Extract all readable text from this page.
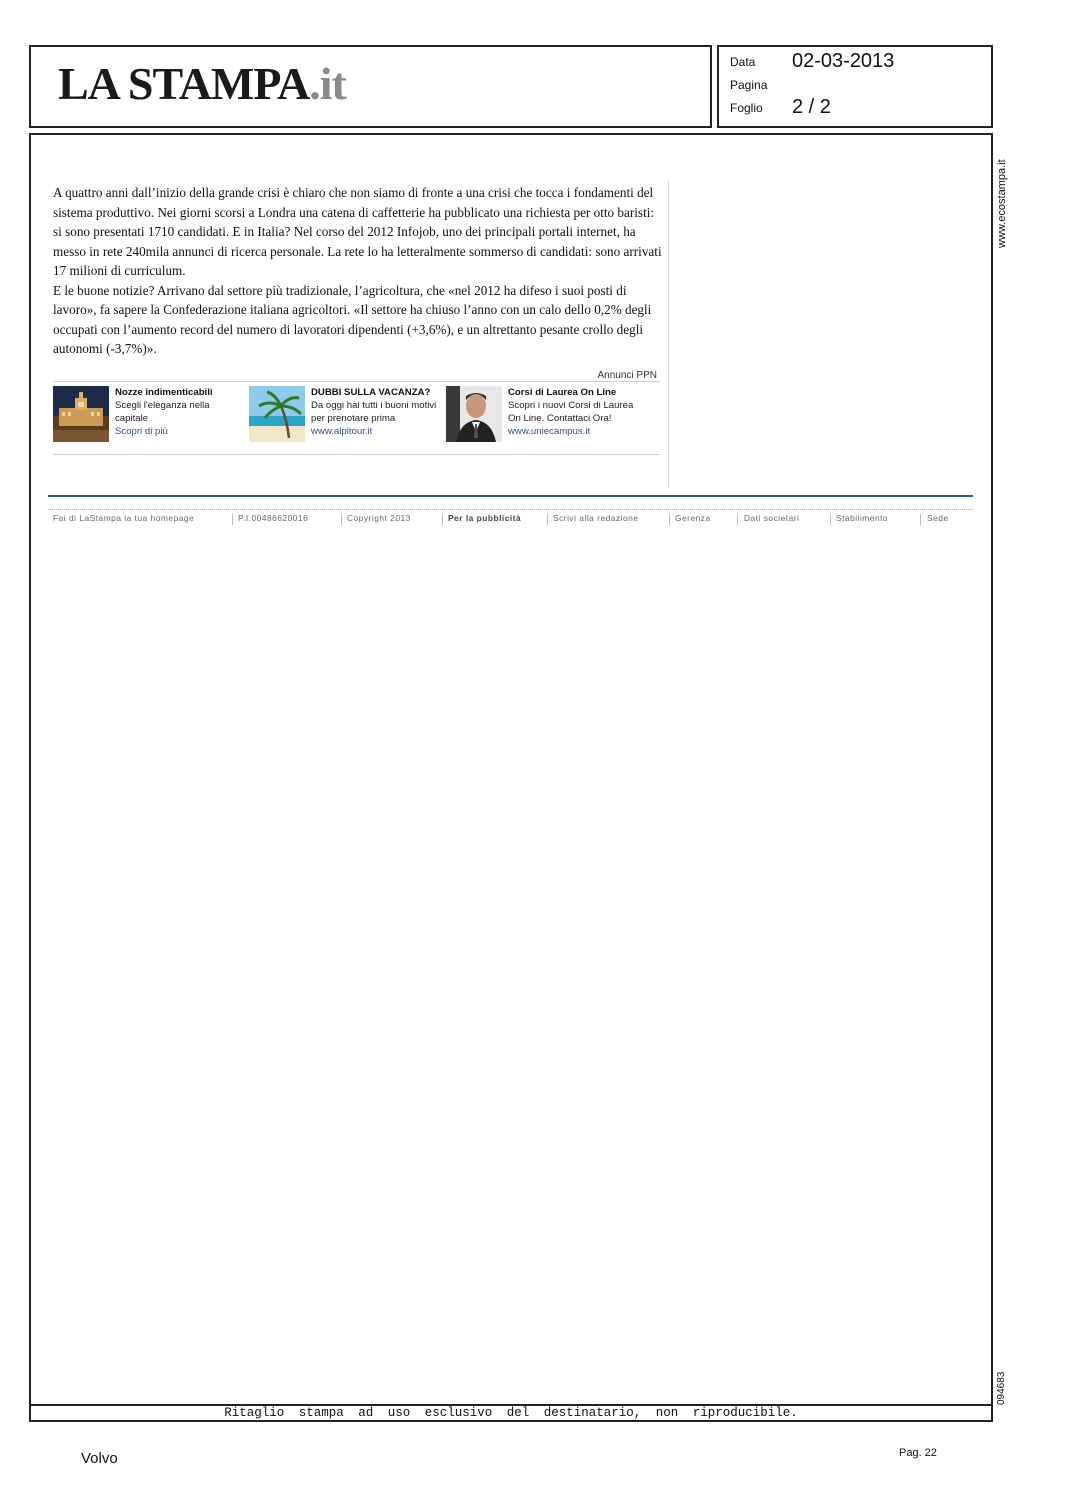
LA STAMPA.it	Data 02-03-2013
Pagina
Foglio 2 / 2
www.ecostampa.it
094683

A quattro anni dall’inizio della grande crisi è chiaro che non siamo di fronte a una crisi che tocca i fondamenti del sistema produttivo. Nei giorni scorsi a Londra una catena di caffetterie ha pubblicato una richiesta per otto baristi: si sono presentati 1710 candidati. E in Italia? Nel corso del 2012 Infojob, uno dei principali portali internet, ha messo in rete 240mila annunci di ricerca personale. La rete lo ha letteralmente sommerso di candidati: sono arrivati 17 milioni di curriculum.

E le buone notizie? Arrivano dal settore più tradizionale, l’agricoltura, che «nel 2012 ha difeso i suoi posti di lavoro», fa sapere la Confederazione italiana agricoltori. «Il settore ha chiuso l’anno con un calo dello 0,2% degli occupati con l’aumento record del numero di lavoratori dipendenti (+3,6%), e un altrettanto pesante crollo degli autonomi (-3,7%)».

Annunci PPN
Nozze indimenticabili
Scegli l'eleganza nella capitale
Scopri di più
DUBBI SULLA VACANZA?
Da oggi hai tutti i buoni motivi per prenotare prima
www.alpitour.it
Corsi di Laurea On Line
Scopri i nuovi Corsi di Laurea On Line. Contattaci Ora!
www.uniecampus.it
Fai di LaStampa la tua homepage	P.I.00486620016	Copyright 2013	Per la pubblicità	Scrivi alla redazione	Gerenza	Dati societari	Stabilimento	Sede
Ritaglio stampa ad uso esclusivo del destinatario, non riproducibile.
Volvo	Pag. 22
